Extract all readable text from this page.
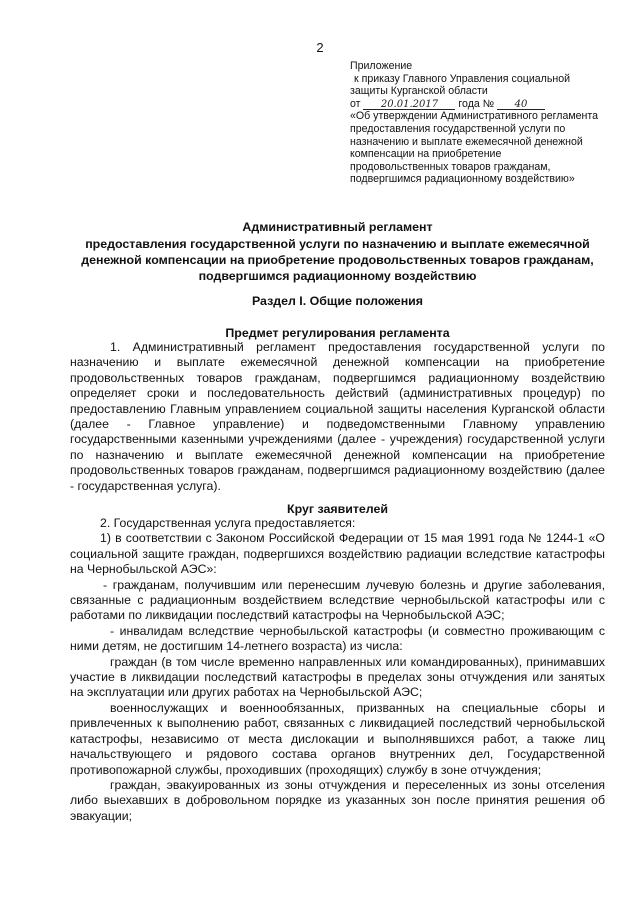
2
Приложение
к приказу Главного Управления социальной
защиты Курганской области
от 20.01.2017 года № 40
«Об утверждении Административного регламента
предоставления государственной услуги по
назначению и выплате ежемесячной денежной
компенсации на приобретение
продовольственных товаров гражданам,
подвергшимся радиационному воздействию»
Административный регламент
предоставления государственной услуги по назначению и выплате ежемесячной
денежной компенсации на приобретение продовольственных товаров гражданам,
подвергшимся радиационному воздействию
Раздел I. Общие положения
Предмет регулирования регламента

1. Административный регламент предоставления государственной услуги по назначению и выплате ежемесячной денежной компенсации на приобретение продовольственных товаров гражданам, подвергшимся радиационному воздействию определяет сроки и последовательность действий (административных процедур) по предоставлению Главным управлением социальной защиты населения Курганской области (далее - Главное управление) и подведомственными Главному управлению государственными казенными учреждениями (далее - учреждения) государственной услуги по назначению и выплате ежемесячной денежной компенсации на приобретение продовольственных товаров гражданам, подвергшимся радиационному воздействию (далее - государственная услуга).

Круг заявителей

2. Государственная услуга предоставляется:

1) в соответствии с Законом Российской Федерации от 15 мая 1991 года № 1244-1 «О социальной защите граждан, подвергшихся воздействию радиации вследствие катастрофы на Чернобыльской АЭС»:

- гражданам, получившим или перенесшим лучевую болезнь и другие заболевания, связанные с радиационным воздействием вследствие чернобыльской катастрофы или с работами по ликвидации последствий катастрофы на Чернобыльской АЭС;

- инвалидам вследствие чернобыльской катастрофы (и совместно проживающим с ними детям, не достигшим 14-летнего возраста) из числа:

граждан (в том числе временно направленных или командированных), принимавших участие в ликвидации последствий катастрофы в пределах зоны отчуждения или занятых на эксплуатации или других работах на Чернобыльской АЭС;

военнослужащих и военнообязанных, призванных на специальные сборы и привлеченных к выполнению работ, связанных с ликвидацией последствий чернобыльской катастрофы, независимо от места дислокации и выполнявшихся работ, а также лиц начальствующего и рядового состава органов внутренних дел, Государственной противопожарной службы, проходивших (проходящих) службу в зоне отчуждения;

граждан, эвакуированных из зоны отчуждения и переселенных из зоны отселения либо выехавших в добровольном порядке из указанных зон после принятия решения об эвакуации;
